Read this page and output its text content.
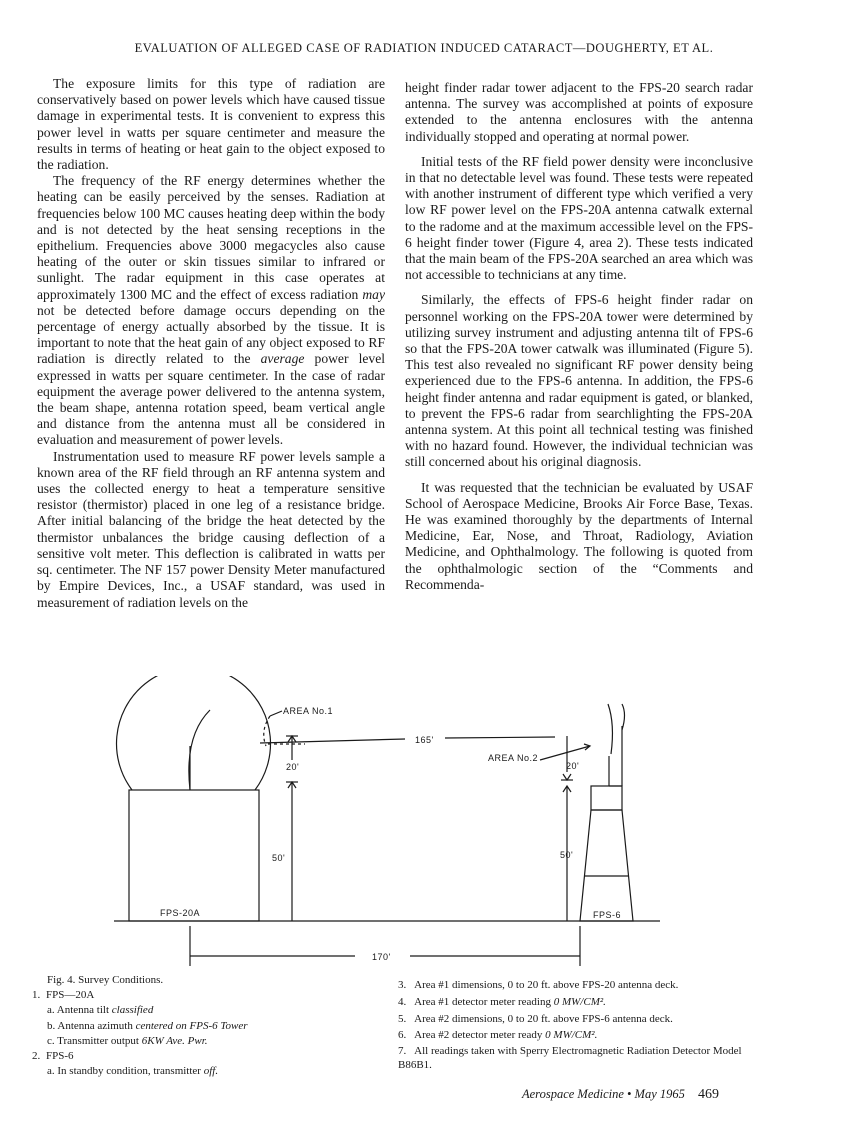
EVALUATION OF ALLEGED CASE OF RADIATION INDUCED CATARACT—DOUGHERTY, ET AL.

The exposure limits for this type of radiation are conservatively based on power levels which have caused tissue damage in experimental tests. It is convenient to express this power level in watts per square centimeter and measure the results in terms of heating or heat gain to the object exposed to the radiation.

The frequency of the RF energy determines whether the heating can be easily perceived by the senses. Radiation at frequencies below 100 MC causes heating deep within the body and is not detected by the heat sensing receptions in the epithelium. Frequencies above 3000 megacycles also cause heating of the outer or skin tissues similar to infrared or sunlight. The radar equipment in this case operates at approximately 1300 MC and the effect of excess radiation may not be detected before damage occurs depending on the percentage of energy actually absorbed by the tissue. It is important to note that the heat gain of any object exposed to RF radiation is directly related to the average power level expressed in watts per square centimeter. In the case of radar equipment the average power delivered to the antenna system, the beam shape, antenna rotation speed, beam vertical angle and distance from the antenna must all be considered in evaluation and measurement of power levels.

Instrumentation used to measure RF power levels sample a known area of the RF field through an RF antenna system and uses the collected energy to heat a temperature sensitive resistor (thermistor) placed in one leg of a resistance bridge. After initial balancing of the bridge the heat detected by the thermistor unbalances the bridge causing deflection of a sensitive volt meter. This deflection is calibrated in watts per sq. centimeter. The NF 157 power Density Meter manufactured by Empire Devices, Inc., a USAF standard, was used in measurement of radiation levels on the

height finder radar tower adjacent to the FPS-20 search radar antenna. The survey was accomplished at points of exposure extended to the antenna enclosures with the antenna individually stopped and operating at normal power.

Initial tests of the RF field power density were inconclusive in that no detectable level was found. These tests were repeated with another instrument of different type which verified a very low RF power level on the FPS-20A antenna catwalk external to the radome and at the maximum accessible level on the FPS-6 height finder tower (Figure 4, area 2). These tests indicated that the main beam of the FPS-20A searched an area which was not accessible to technicians at any time.

Similarly, the effects of FPS-6 height finder radar on personnel working on the FPS-20A tower were determined by utilizing survey instrument and adjusting antenna tilt of FPS-6 so that the FPS-20A tower catwalk was illuminated (Figure 5). This test also revealed no significant RF power density being experienced due to the FPS-6 antenna. In addition, the FPS-6 height finder antenna and radar equipment is gated, or blanked, to prevent the FPS-6 radar from searchlighting the FPS-20A antenna system. At this point all technical testing was finished with no hazard found. However, the individual technician was still concerned about his original diagnosis.

It was requested that the technician be evaluated by USAF School of Aerospace Medicine, Brooks Air Force Base, Texas. He was examined thoroughly by the departments of Internal Medicine, Ear, Nose, and Throat, Radiology, Aviation Medicine, and Ophthalmology. The following is quoted from the ophthalmologic section of the “Comments and Recommenda-

AREA No.1
165'
AREA No.2
20'	20'
50'	50'
FPS-20A	FPS-6
170'
Fig. 4. Survey Conditions.
1. FPS—20A
a. Antenna tilt classified
b. Antenna azimuth centered on FPS-6 Tower
c. Transmitter output 6KW Ave. Pwr.
2. FPS-6
a. In standby condition, transmitter off.
3. Area #1 dimensions, 0 to 20 ft. above FPS-20 antenna deck.
4. Area #1 detector meter reading 0 MW/CM².
5. Area #2 dimensions, 0 to 20 ft. above FPS-6 antenna deck.
6. Area #2 detector meter ready 0 MW/CM².
7. All readings taken with Sperry Electromagnetic Radiation Detector Model B86B1.
Aerospace Medicine • May 1965 469
